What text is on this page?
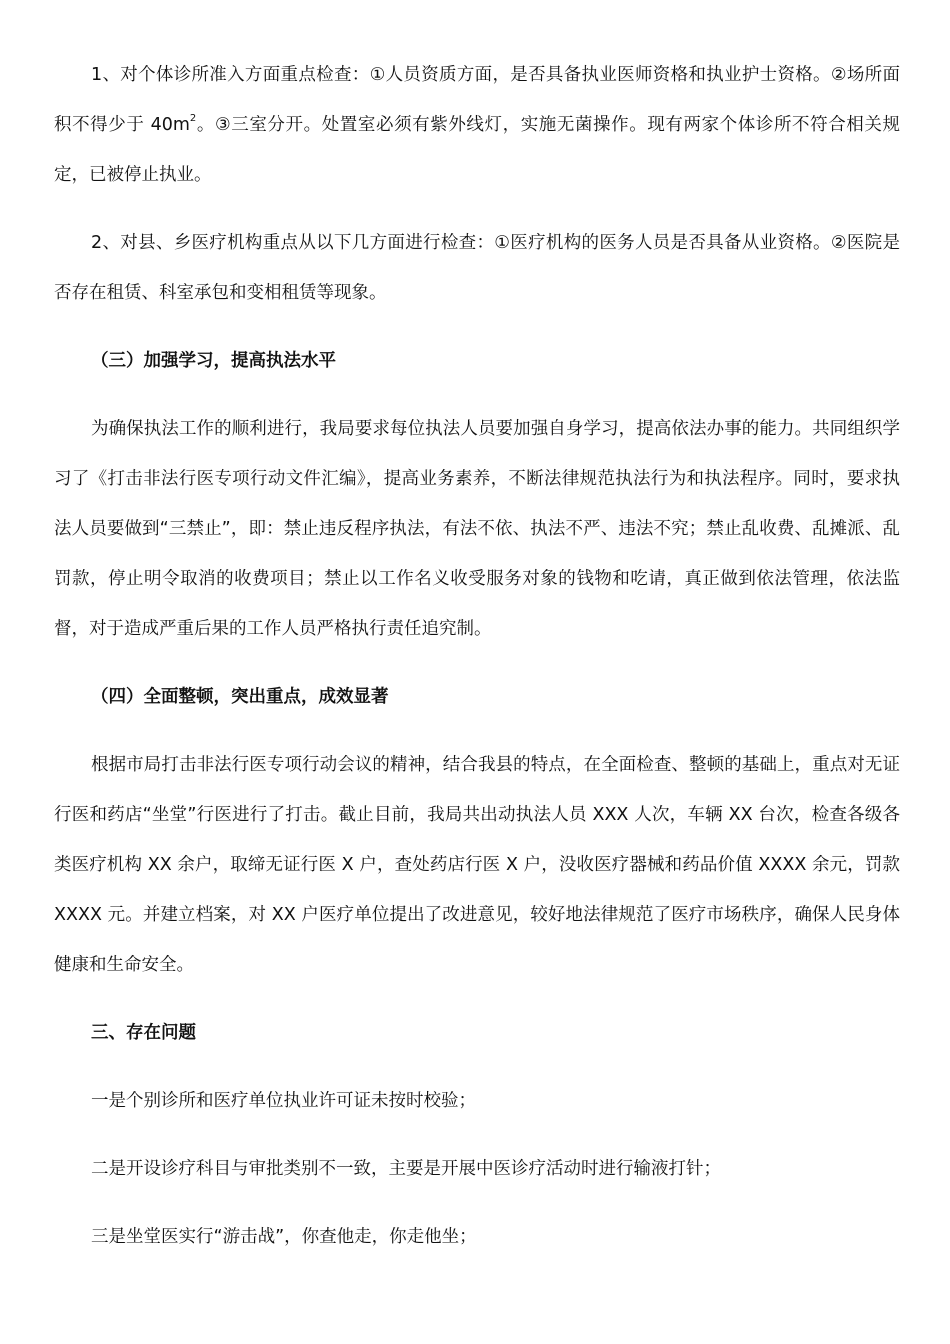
1、对个体诊所准入方面重点检查：①人员资质方面，是否具备执业医师资格和执业护士资格。②场所面积不得少于 $40m^2$。③三室分开。处置室必须有紫外线灯，实施无菌操作。现有两家个体诊所不符合相关规定，已被停止执业。

2、对县、乡医疗机构重点从以下几方面进行检查：①医疗机构的医务人员是否具备从业资格。②医院是否存在租赁、科室承包和变相租赁等现象。

（三）加强学习，提高执法水平

为确保执法工作的顺利进行，我局要求每位执法人员要加强自身学习，提高依法办事的能力。共同组织学习了《打击非法行医专项行动文件汇编》，提高业务素养，不断法律规范执法行为和执法程序。同时，要求执法人员要做到“三禁止”，即：禁止违反程序执法，有法不依、执法不严、违法不究；禁止乱收费、乱摊派、乱罚款，停止明令取消的收费项目；禁止以工作名义收受服务对象的钱物和吃请，真正做到依法管理，依法监督，对于造成严重后果的工作人员严格执行责任追究制。

（四）全面整顿，突出重点，成效显著

根据市局打击非法行医专项行动会议的精神，结合我县的特点，在全面检查、整顿的基础上，重点对无证行医和药店“坐堂”行医进行了打击。截止目前，我局共出动执法人员 XXX 人次，车辆 XX 台次，检查各级各类医疗机构 XX 余户，取缔无证行医 X 户，查处药店行医 X 户，没收医疗器械和药品价值 XXXX 余元，罚款 XXXX 元。并建立档案，对 XX 户医疗单位提出了改进意见，较好地法律规范了医疗市场秩序，确保人民身体健康和生命安全。

三、存在问题

一是个别诊所和医疗单位执业许可证未按时校验；

二是开设诊疗科目与审批类别不一致，主要是开展中医诊疗活动时进行输液打针；

三是坐堂医实行“游击战”，你查他走，你走他坐；
